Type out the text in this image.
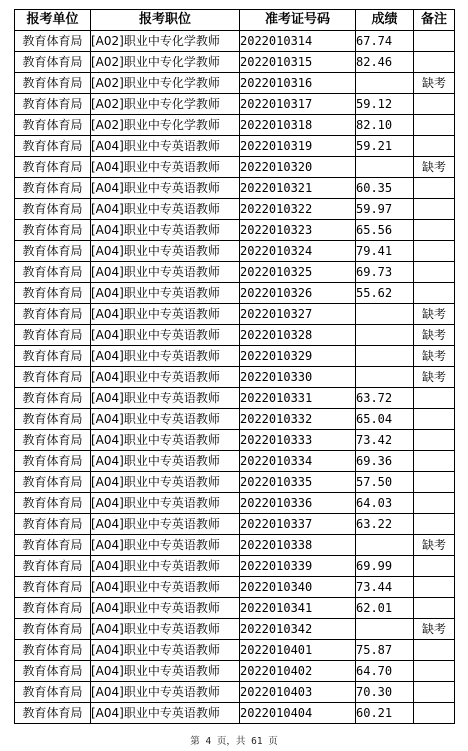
报考单位	报考职位	准考证号码	成绩	备注
教育体育局	[A02]职业中专化学教师	2022010314	67.74	
教育体育局	[A02]职业中专化学教师	2022010315	82.46	
教育体育局	[A02]职业中专化学教师	2022010316		缺考
教育体育局	[A02]职业中专化学教师	2022010317	59.12	
教育体育局	[A02]职业中专化学教师	2022010318	82.10	
教育体育局	[A04]职业中专英语教师	2022010319	59.21	
教育体育局	[A04]职业中专英语教师	2022010320		缺考
教育体育局	[A04]职业中专英语教师	2022010321	60.35	
教育体育局	[A04]职业中专英语教师	2022010322	59.97	
教育体育局	[A04]职业中专英语教师	2022010323	65.56	
教育体育局	[A04]职业中专英语教师	2022010324	79.41	
教育体育局	[A04]职业中专英语教师	2022010325	69.73	
教育体育局	[A04]职业中专英语教师	2022010326	55.62	
教育体育局	[A04]职业中专英语教师	2022010327		缺考
教育体育局	[A04]职业中专英语教师	2022010328		缺考
教育体育局	[A04]职业中专英语教师	2022010329		缺考
教育体育局	[A04]职业中专英语教师	2022010330		缺考
教育体育局	[A04]职业中专英语教师	2022010331	63.72	
教育体育局	[A04]职业中专英语教师	2022010332	65.04	
教育体育局	[A04]职业中专英语教师	2022010333	73.42	
教育体育局	[A04]职业中专英语教师	2022010334	69.36	
教育体育局	[A04]职业中专英语教师	2022010335	57.50	
教育体育局	[A04]职业中专英语教师	2022010336	64.03	
教育体育局	[A04]职业中专英语教师	2022010337	63.22	
教育体育局	[A04]职业中专英语教师	2022010338		缺考
教育体育局	[A04]职业中专英语教师	2022010339	69.99	
教育体育局	[A04]职业中专英语教师	2022010340	73.44	
教育体育局	[A04]职业中专英语教师	2022010341	62.01	
教育体育局	[A04]职业中专英语教师	2022010342		缺考
教育体育局	[A04]职业中专英语教师	2022010401	75.87	
教育体育局	[A04]职业中专英语教师	2022010402	64.70	
教育体育局	[A04]职业中专英语教师	2022010403	70.30	
教育体育局	[A04]职业中专英语教师	2022010404	60.21	
第 4 页，共 61 页
